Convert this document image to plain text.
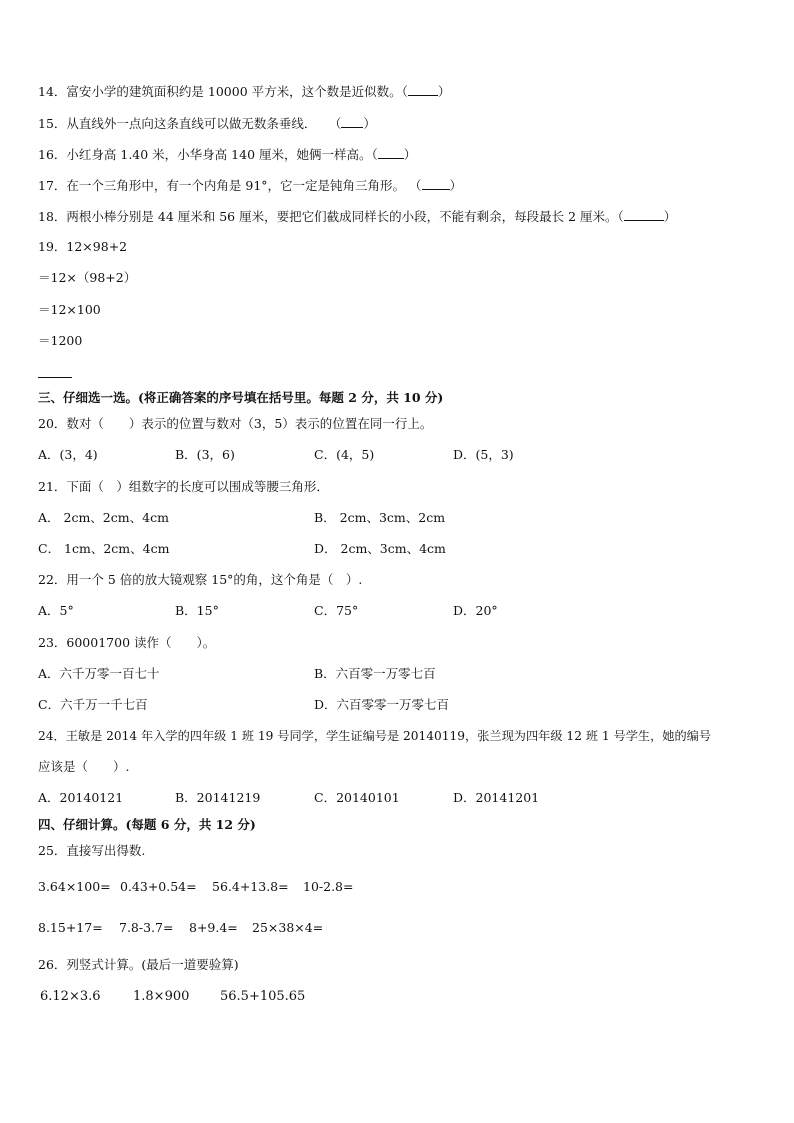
14．富安小学的建筑面积约是 10000 平方米，这个数是近似数。（ ）
15．从直线外一点向这条直线可以做无数条垂线．　　（ ）
16．小红身高 1.40 米，小华身高 140 厘米，她俩一样高。（ ）
17．在一个三角形中，有一个内角是 91°，它一定是钝角三角形。 （ ）
18．两根小棒分别是 44 厘米和 56 厘米，要把它们截成同样长的小段，不能有剩余，每段最长 2 厘米。（	）
19．12×98+2
＝12×（98+2）
＝12×100
＝1200
三、仔细选一选。(将正确答案的序号填在括号里。每题 2 分，共 10 分)
20．数对（　　）表示的位置与数对（3，5）表示的位置在同一行上。
A．(3，4)	B．(3，6)	C．(4，5)	D．(5，3)
21．下面（　）组数字的长度可以围成等腰三角形．
A． 2cm、2cm、4cm	B． 2cm、3cm、2cm
C． 1cm、2cm、4cm	D． 2cm、3cm、4cm
22．用一个 5 倍的放大镜观察 15°的角，这个角是（　）.
A．5°	B．15°	C．75°	D．20°
23．60001700 读作（　　）。
A．六千万零一百七十	B．六百零一万零七百
C．六千万一千七百	D．六百零零一万零七百
24．王敏是 2014 年入学的四年级 1 班 19 号同学，学生证编号是 20140119，张兰现为四年级 12 班 1 号学生，她的编号
应该是（　　）.
A．20140121	B．20141219	C．20140101	D．20141201
四、仔细计算。(每题 6 分，共 12 分)
25．直接写出得数.
3.64×100= 0.43+0.54= 56.4+13.8= 10-2.8=
8.15+17= 7.8-3.7= 8+9.4= 25×38×4=
26．列竖式计算。(最后一道要验算)
6.12×3.6 1.8×900 56.5+105.65
